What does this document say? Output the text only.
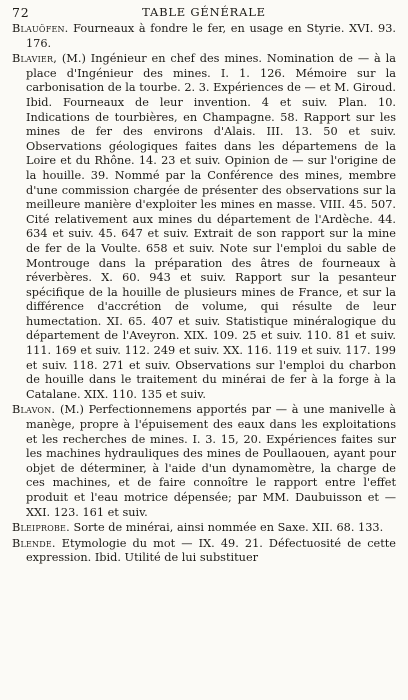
72	TABLE GÉNÉRALE

Blauöfen. Fourneaux à fondre le fer, en usage en Styrie. XVI. 93. 176.

Blavier, (M.) Ingénieur en chef des mines. Nomination de — à la place d'Ingénieur des mines. I. 1. 126. Mémoire sur la carbonisation de la tourbe. 2. 3. Expériences de — et M. Giroud. Ibid. Fourneaux de leur invention. 4 et suiv. Plan. 10. Indications de tourbières, en Champagne. 58. Rapport sur les mines de fer des environs d'Alais. III. 13. 50 et suiv. Observations géologiques faites dans les départemens de la Loire et du Rhône. 14. 23 et suiv. Opinion de — sur l'origine de la houille. 39. Nommé par la Conférence des mines, membre d'une commission chargée de présenter des observations sur la meilleure manière d'exploiter les mines en masse. VIII. 45. 507. Cité relativement aux mines du département de l'Ardèche. 44. 634 et suiv. 45. 647 et suiv. Extrait de son rapport sur la mine de fer de la Voulte. 658 et suiv. Note sur l'emploi du sable de Montrouge dans la préparation des âtres de fourneaux à réverbères. X. 60. 943 et suiv. Rapport sur la pesanteur spécifique de la houille de plusieurs mines de France, et sur la différence d'accrétion de volume, qui résulte de leur humectation. XI. 65. 407 et suiv. Statistique minéralogique du département de l'Aveyron. XIX. 109. 25 et suiv. 110. 81 et suiv. 111. 169 et suiv. 112. 249 et suiv. XX. 116. 119 et suiv. 117. 199 et suiv. 118. 271 et suiv. Observations sur l'emploi du charbon de houille dans le traitement du minérai de fer à la forge à la Catalane. XIX. 110. 135 et suiv.

Blavon. (M.) Perfectionnemens apportés par — à une manivelle à manège, propre à l'épuisement des eaux dans les exploitations et les recherches de mines. I. 3. 15, 20. Expériences faites sur les machines hydrauliques des mines de Poullaouen, ayant pour objet de déterminer, à l'aide d'un dynamomètre, la charge de ces machines, et de faire connoître le rapport entre l'effet produit et l'eau motrice dépensée; par MM. Daubuisson et — XXI. 123. 161 et suiv.

Bleiprobe. Sorte de minérai, ainsi nommée en Saxe. XII. 68. 133.

Blende. Etymologie du mot — IX. 49. 21. Défectuosité de cette expression. Ibid. Utilité de lui substituer
